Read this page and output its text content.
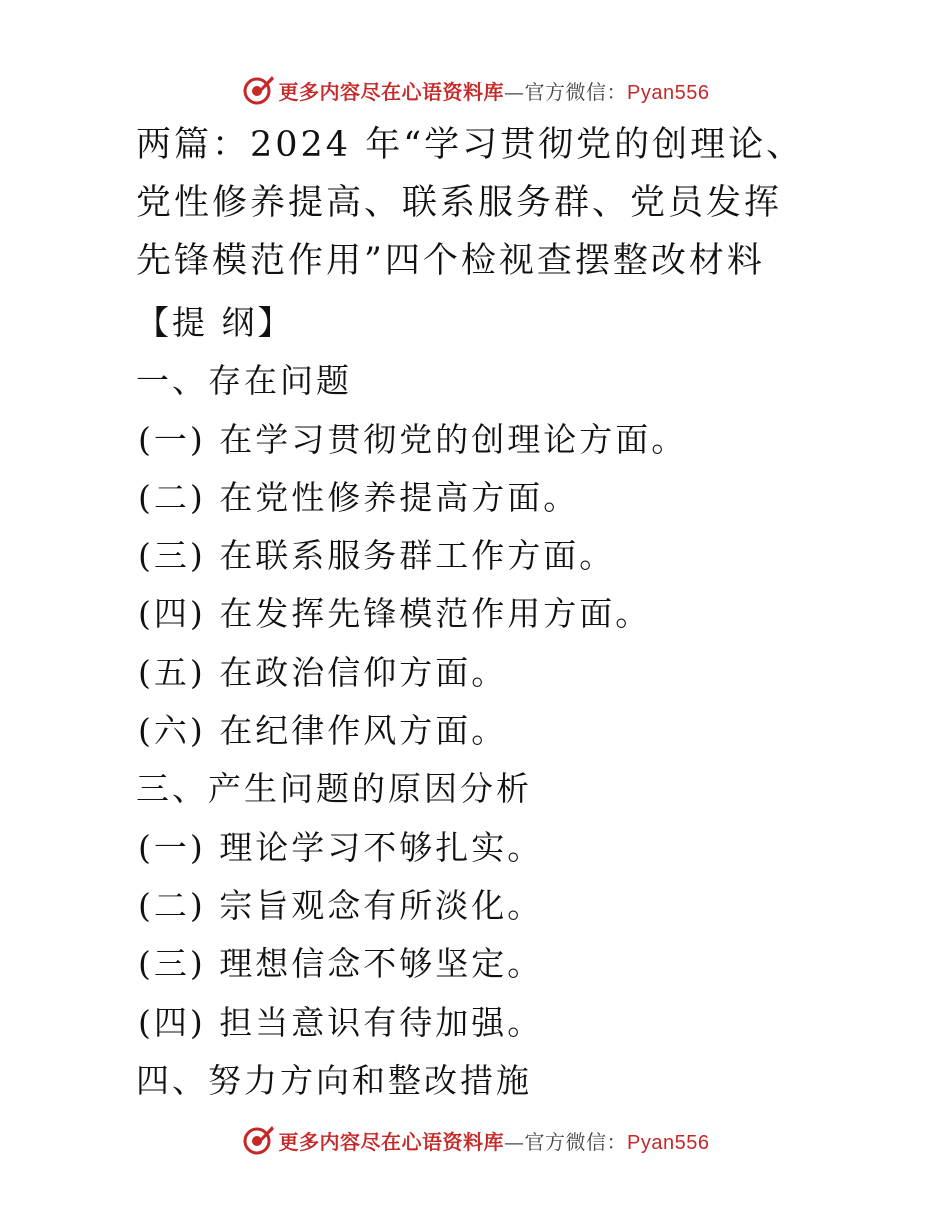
更多内容尽在心语资料库—官方微信：Pyan556
两篇：2024 年“学习贯彻党的创理论、
党性修养提高、联系服务群、党员发挥
先锋模范作用”四个检视查摆整改材料
【提 纲】
一、存在问题
(一) 在学习贯彻党的创理论方面。
(二) 在党性修养提高方面。
(三) 在联系服务群工作方面。
(四) 在发挥先锋模范作用方面。
(五) 在政治信仰方面。
(六) 在纪律作风方面。
三、产生问题的原因分析
(一) 理论学习不够扎实。
(二) 宗旨观念有所淡化。
(三) 理想信念不够坚定。
(四) 担当意识有待加强。
四、努力方向和整改措施
更多内容尽在心语资料库—官方微信：Pyan556
